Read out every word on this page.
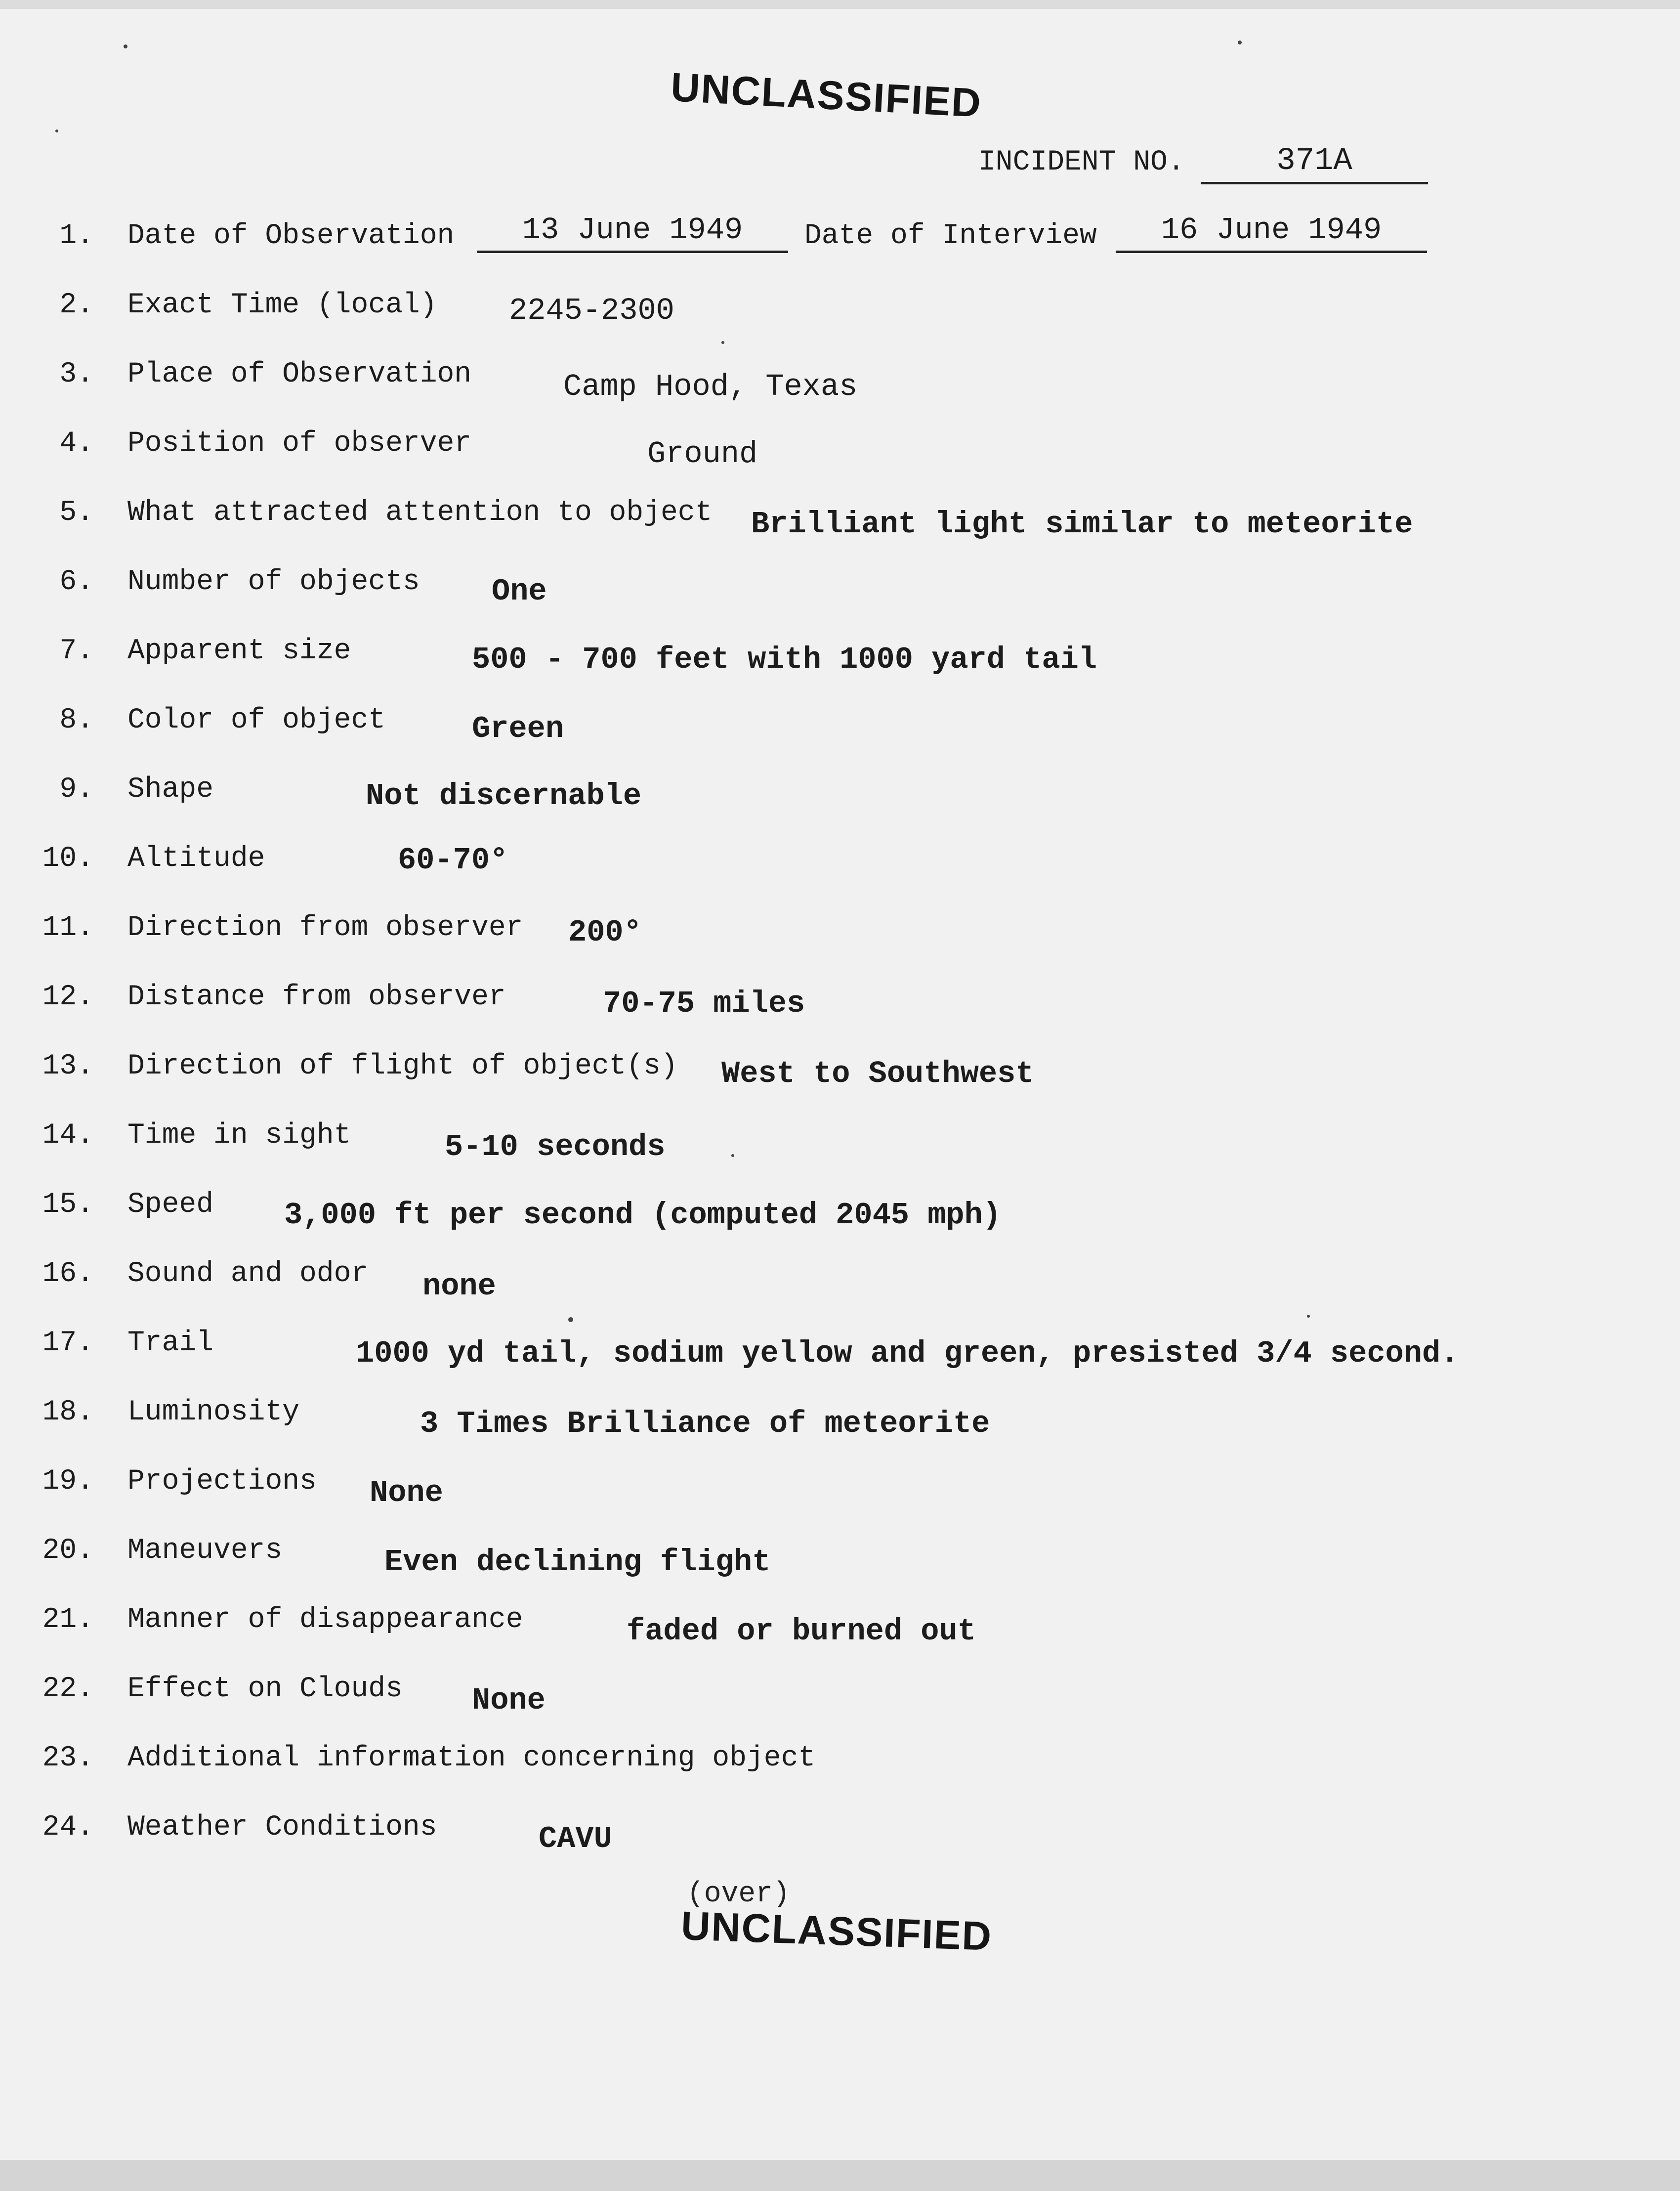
UNCLASSIFIED
INCIDENT NO.	371A
1. Date of Observation	13 June 1949	Date of Interview	16 June 1949
2. Exact Time (local) 2245-2300
3. Place of Observation	Camp Hood, Texas
4. Position of observer	Ground
5. What attracted attention to object Brilliant light similar to meteorite
6. Number of objects One
7. Apparent size	500 - 700 feet with 1000 yard tail
8. Color of object	Green
9. Shape	Not discernable
10. Altitude	60-70°
11. Direction from observer 200°
12. Distance from observer	70-75 miles
13. Direction of flight of object(s) West to Southwest
14. Time in sight	5-10 seconds
15. Speed 3,000 ft per second (computed 2045 mph)
16. Sound and odor none
17. Trail	1000 yd tail, sodium yellow and green, presisted 3/4 second.
18. Luminosity	3 Times Brilliance of meteorite
19. Projections None
20. Maneuvers	Even declining flight
21. Manner of disappearance	faded or burned out
22. Effect on Clouds None
23. Additional information concerning object
24. Weather Conditions	CAVU
(over)
UNCLASSIFIED
